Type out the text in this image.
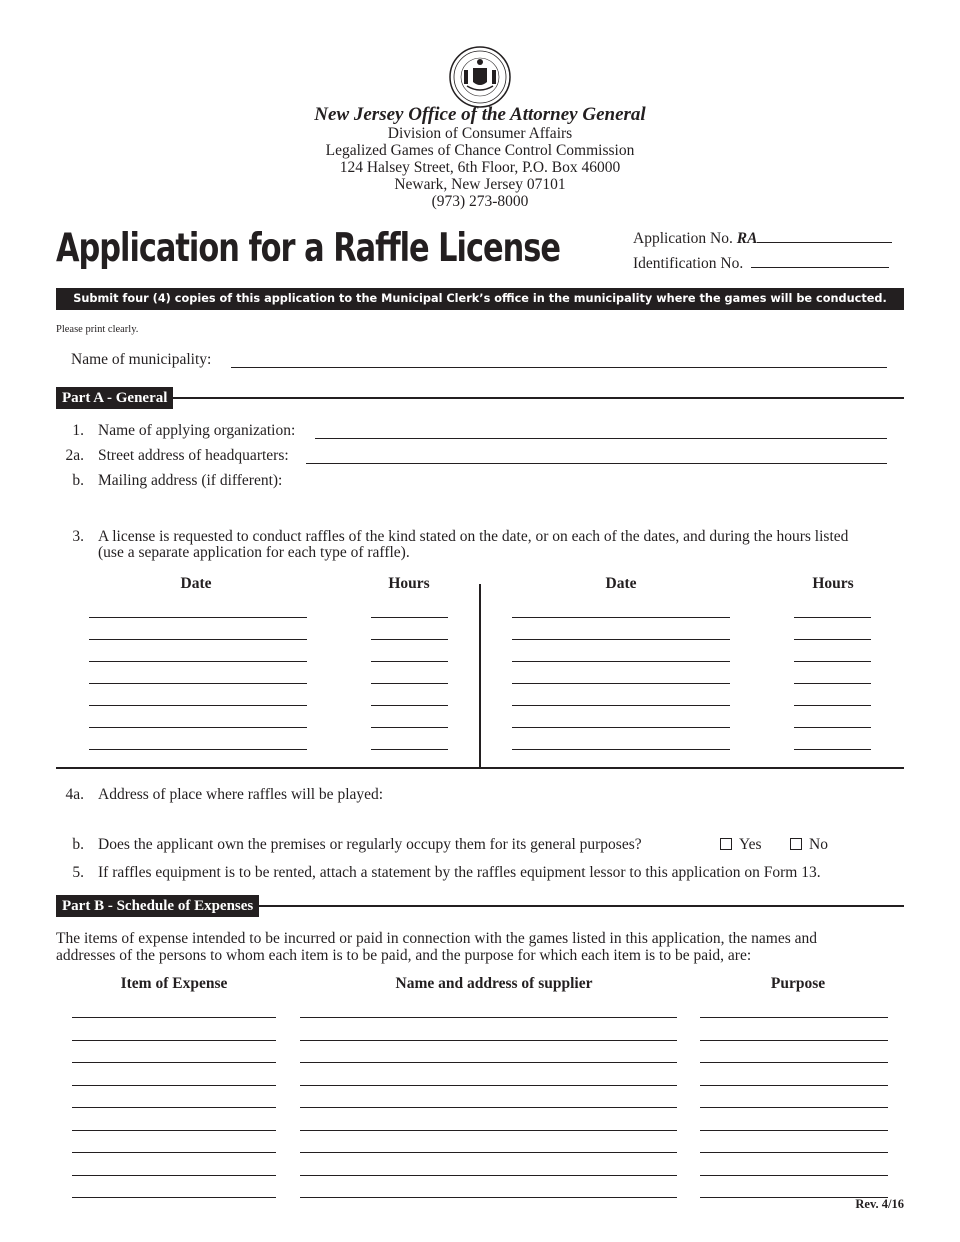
New Jersey Office of the Attorney General
Division of Consumer Affairs
Legalized Games of Chance Control Commission
124 Halsey Street, 6th Floor, P.O. Box 46000
Newark, New Jersey 07101
(973) 273-8000
Application for a Raffle License	Application No. RA
Identification No.
Submit four (4) copies of this application to the Municipal Clerk’s office in the municipality where the games will be conducted.
Please print clearly.
Name of municipality:
Part A - General
1. Name of applying organization:
2a. Street address of headquarters:
b. Mailing address (if different):
3. A license is requested to conduct raffles of the kind stated on the date, or on each of the dates, and during the hours listed
(use a separate application for each type of raffle).
Date	Hours	Date	Hours
4a. Address of place where raffles will be played:
b. Does the applicant own the premises or regularly occupy them for its general purposes?	Yes	No
5. If raffles equipment is to be rented, attach a statement by the raffles equipment lessor to this application on Form 13.
Part B - Schedule of Expenses
The items of expense intended to be incurred or paid in connection with the games listed in this application, the names and
addresses of the persons to whom each item is to be paid, and the purpose for which each item is to be paid, are:
Item of Expense	Name and address of supplier	Purpose
Rev. 4/16
